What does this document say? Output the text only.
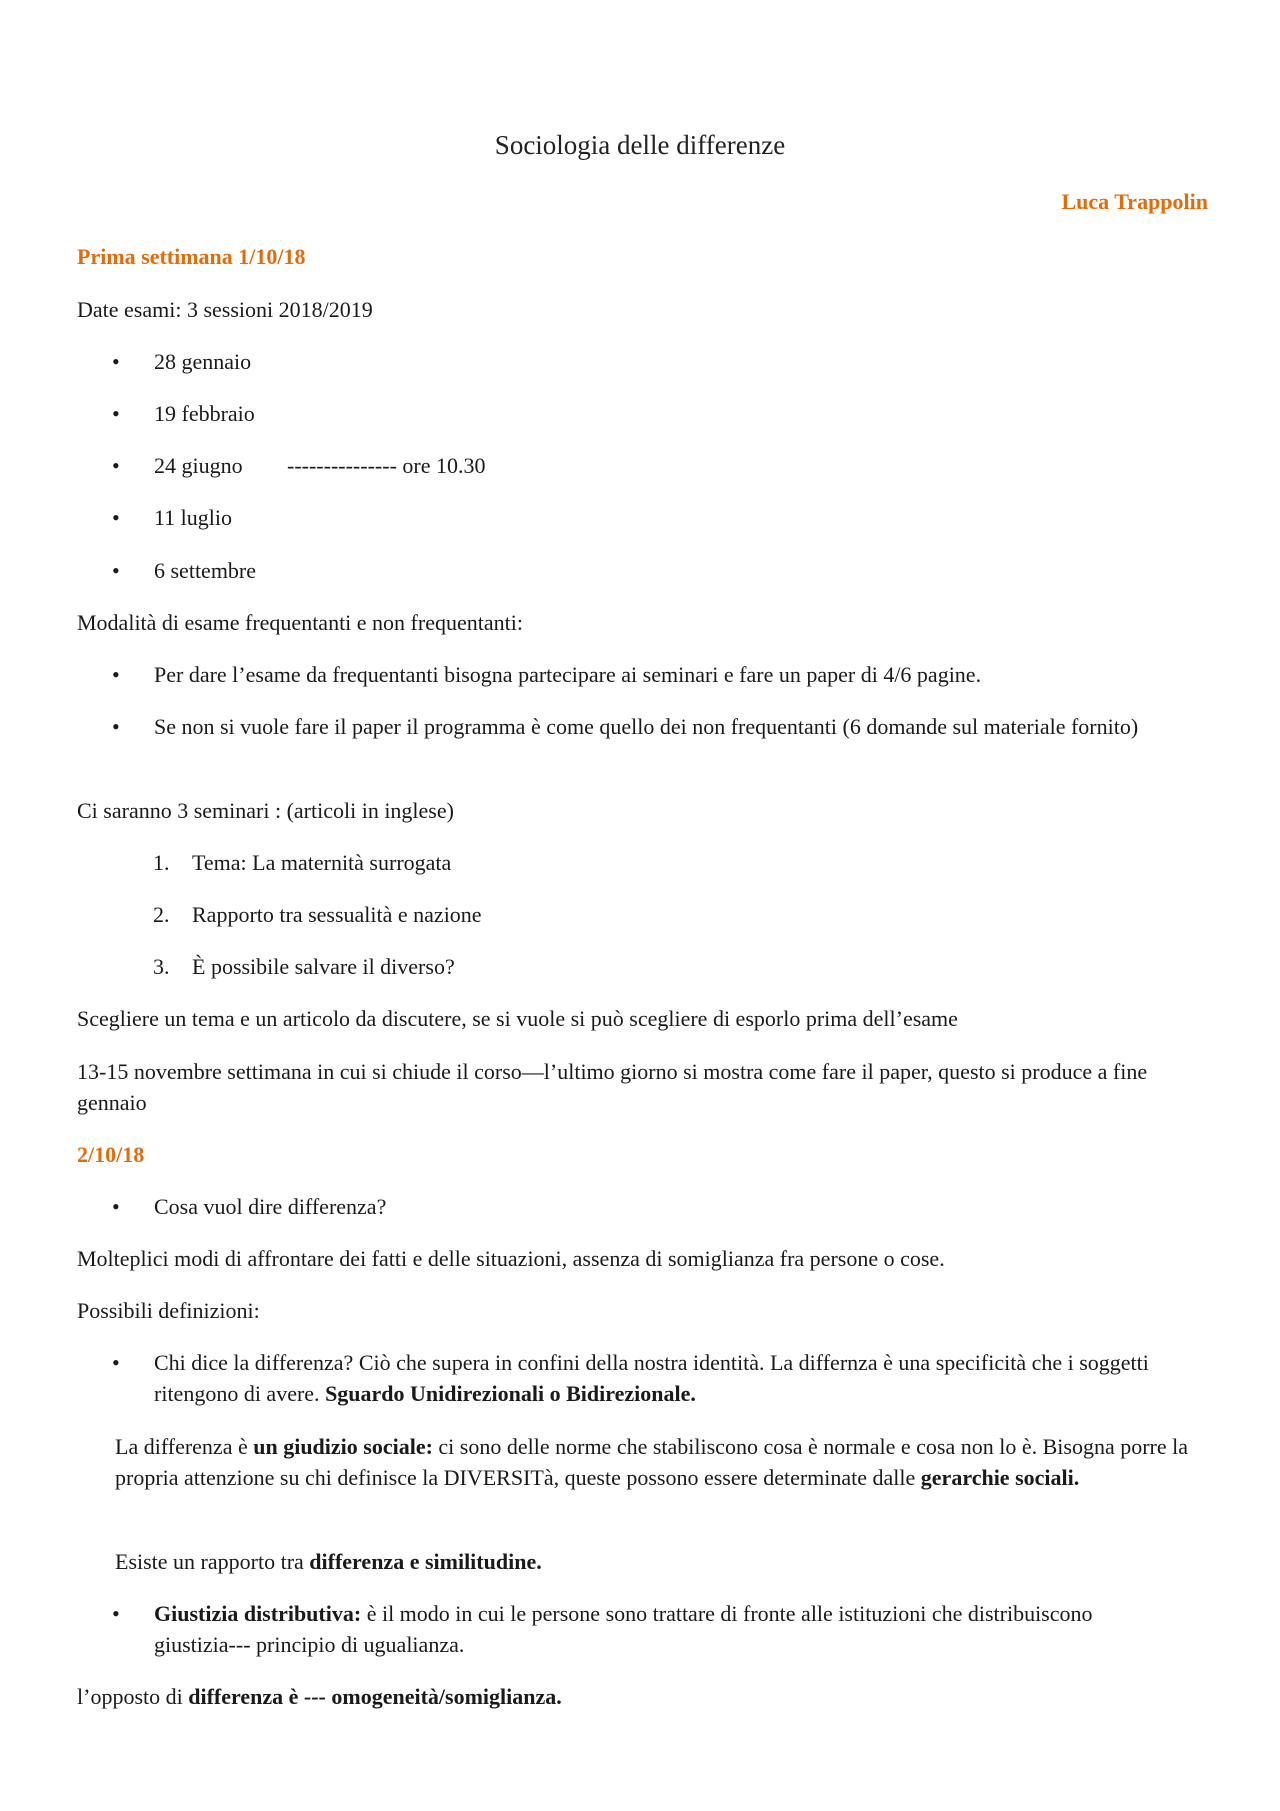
Sociologia delle differenze
Luca Trappolin
Prima settimana 1/10/18
Date esami: 3 sessioni 2018/2019
• 28 gennaio
• 19 febbraio
• 24 giugno --------------- ore 10.30
• 11 luglio
• 6 settembre
Modalità di esame frequentanti e non frequentanti:
• Per dare l’esame da frequentanti bisogna partecipare ai seminari e fare un paper di 4/6 pagine.
• Se non si vuole fare il paper il programma è come quello dei non frequentanti (6 domande sul materiale fornito)
Ci saranno 3 seminari : (articoli in inglese)
1. Tema: La maternità surrogata
2. Rapporto tra sessualità e nazione
3. È possibile salvare il diverso?
Scegliere un tema e un articolo da discutere, se si vuole si può scegliere di esporlo prima dell’esame
13-15 novembre settimana in cui si chiude il corso—l’ultimo giorno si mostra come fare il paper, questo si produce a fine gennaio
2/10/18
• Cosa vuol dire differenza?
Molteplici modi di affrontare dei fatti e delle situazioni, assenza di somiglianza fra persone o cose.
Possibili definizioni:
• Chi dice la differenza? Ciò che supera in confini della nostra identità. La differnza è una specificità che i soggetti ritengono di avere. Sguardo Unidirezionali o Bidirezionale.
La differenza è un giudizio sociale: ci sono delle norme che stabiliscono cosa è normale e cosa non lo è. Bisogna porre la propria attenzione su chi definisce la DIVERSITà, queste possono essere determinate dalle gerarchie sociali.
Esiste un rapporto tra differenza e similitudine.
• Giustizia distributiva: è il modo in cui le persone sono trattare di fronte alle istituzioni che distribuiscono giustizia--- principio di ugualianza.
l’opposto di differenza è --- omogeneità/somiglianza.
